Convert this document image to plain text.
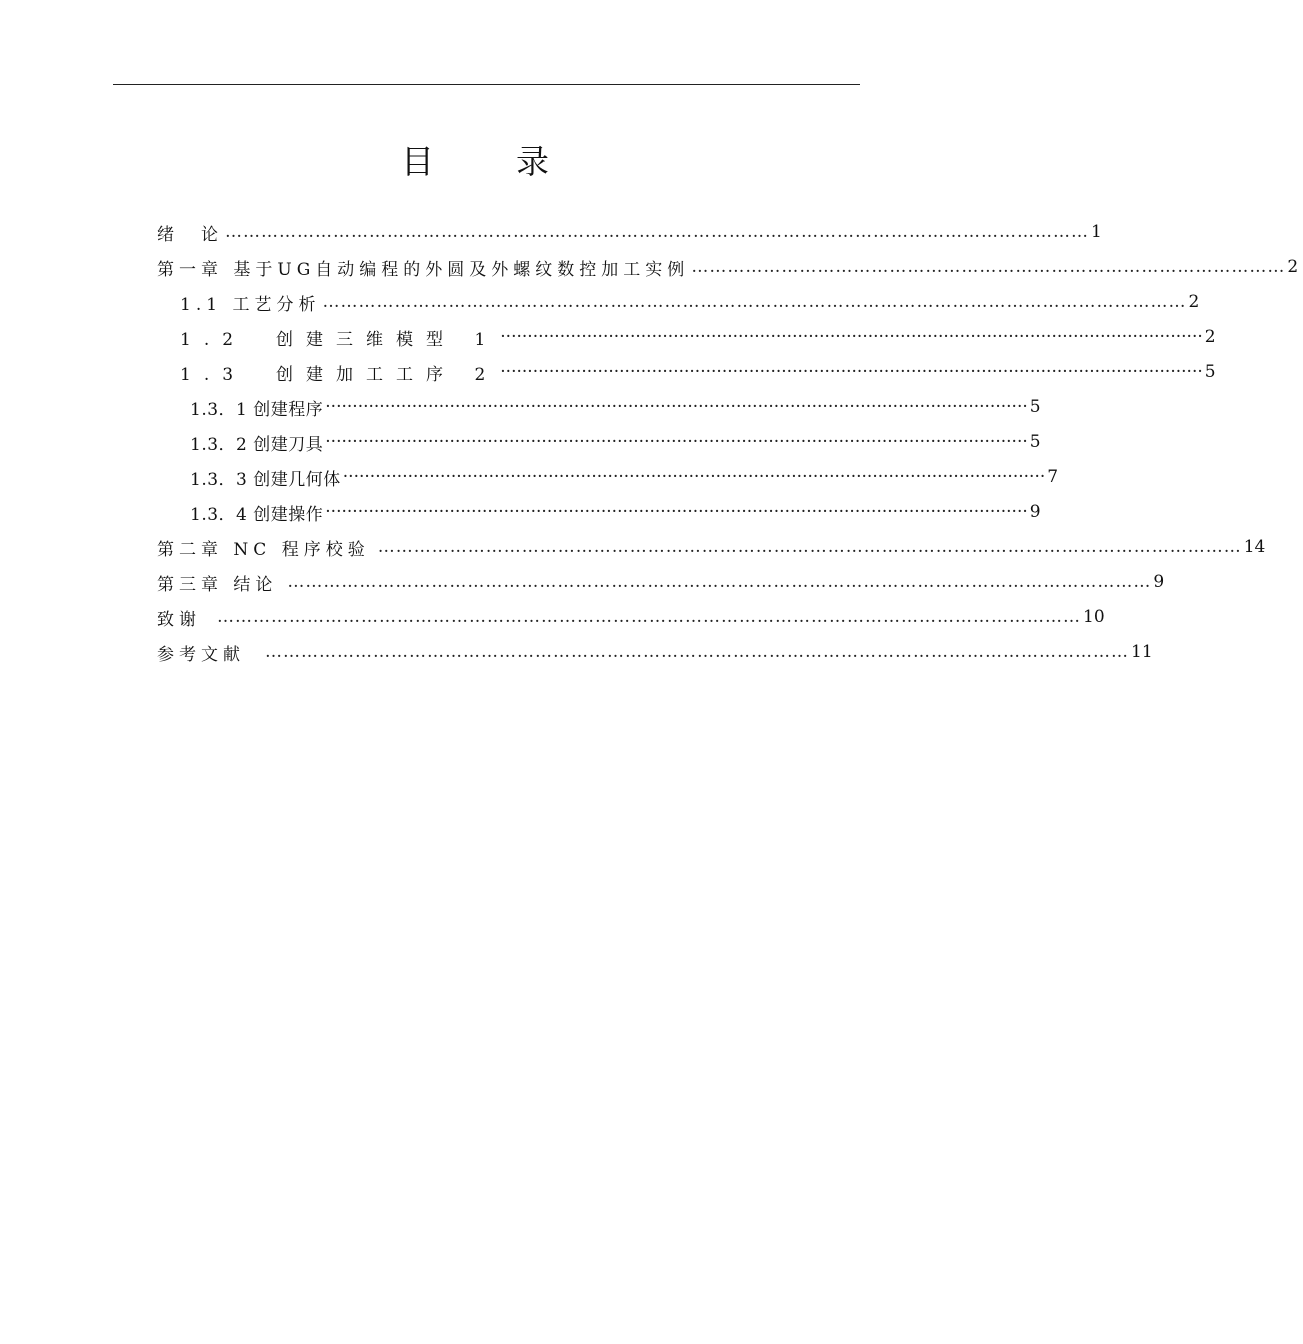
目 录
绪　论 ……………………………………………………………………………………………………………………………… 1
第一章 基于UG自动编程的外圆及外螺纹数控加工实例 ……………………………………………………………………………………… 2
1.1 工艺分析 ……………………………………………………………………………………………………………………………… 2
1.2　创建三维模型 1 ·································································································································· 2
1.3　创建加工工序 2 ·································································································································· 5
1.3．1 创建程序 ·································································································································· 5
1.3．2 创建刀具 ·································································································································· 5
1.3．3 创建几何体 ·································································································································· 7
1.3．4 创建操作 ·································································································································· 9
第二章 NC 程序校验 ……………………………………………………………………………………………………………………………… 14
第三章 结论 ……………………………………………………………………………………………………………………………… 9
致谢 ……………………………………………………………………………………………………………………………… 10
参考文献 ……………………………………………………………………………………………………………………………… 11
